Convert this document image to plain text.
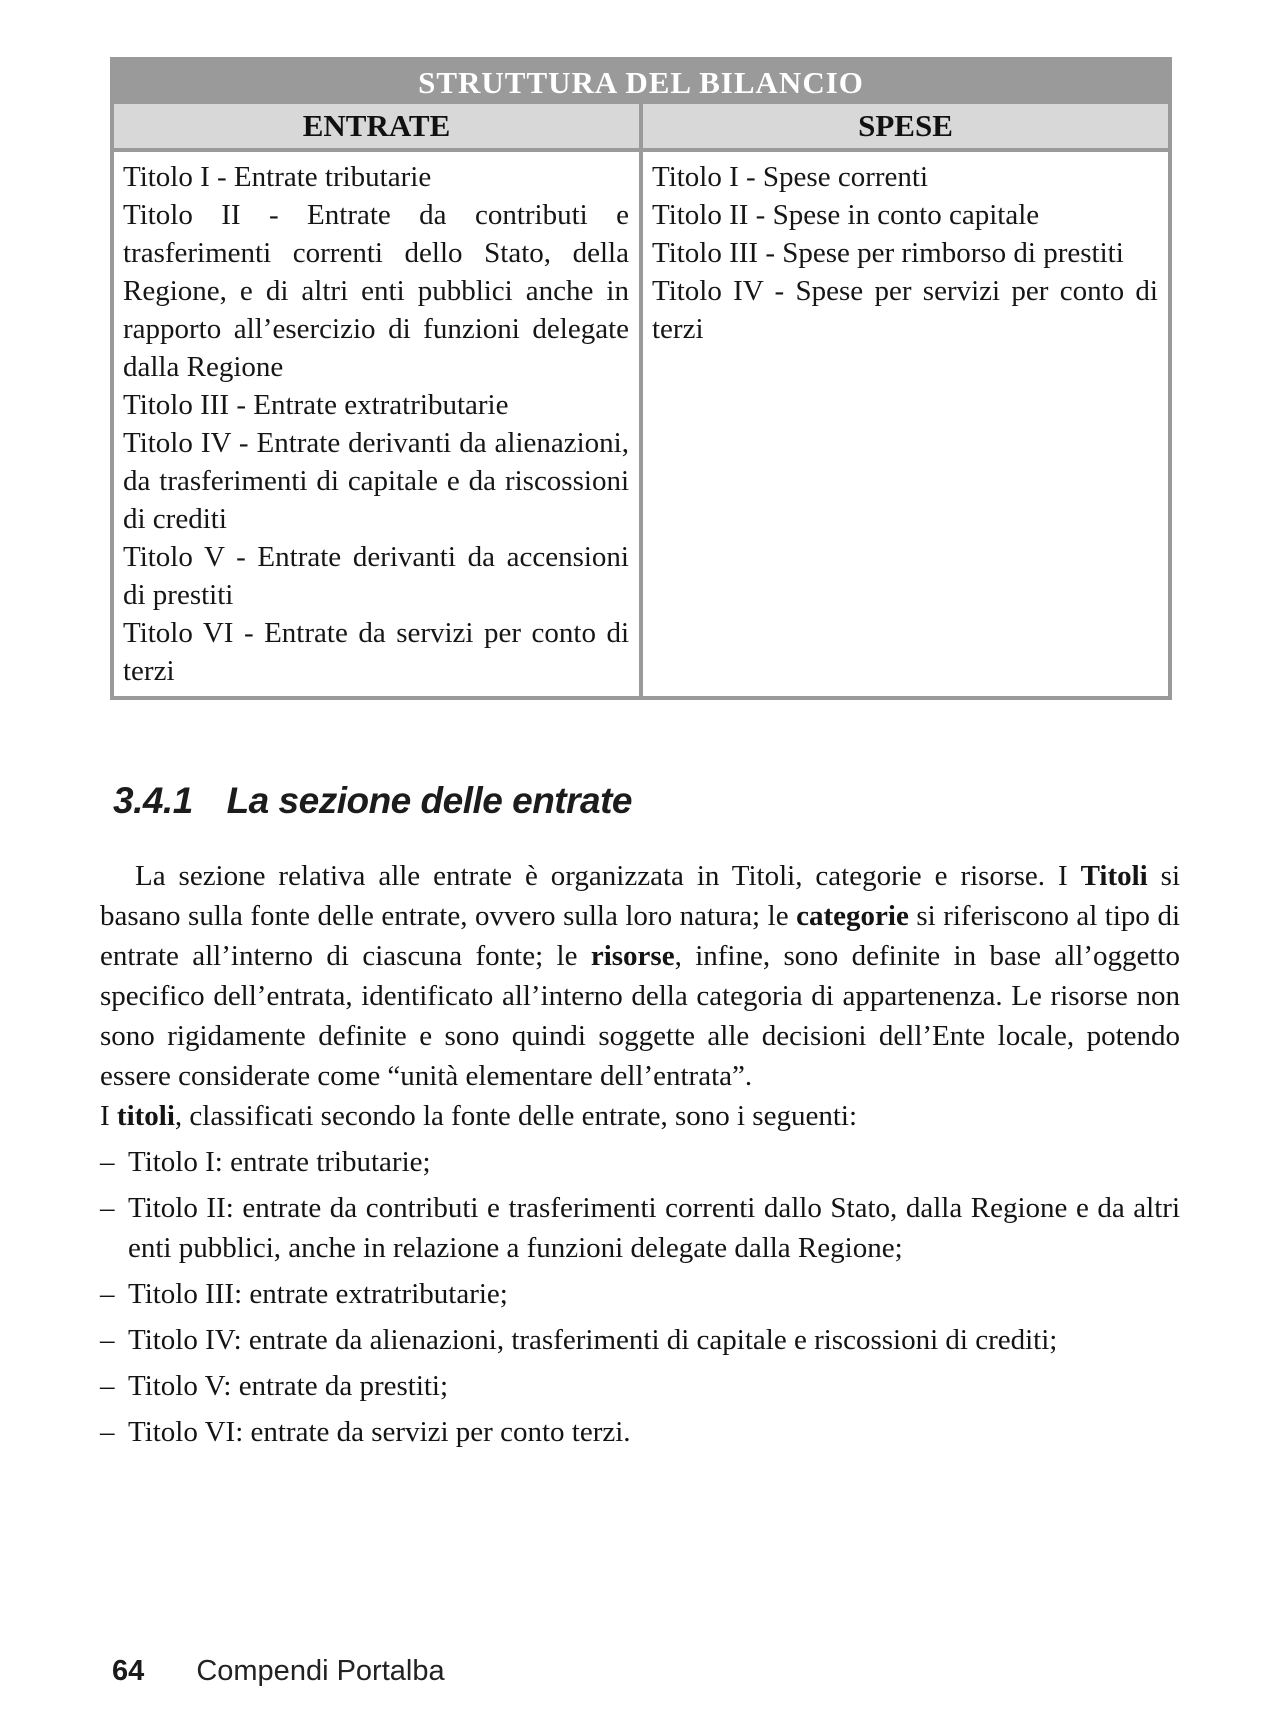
STRUTTURA DEL BILANCIO
ENTRATE	SPESE
Titolo I - Entrate tributarie
Titolo II - Entrate da contributi e trasferimenti correnti dello Stato, della Regione, e di altri enti pubblici anche in rapporto all’esercizio di funzioni delegate dalla Regione
Titolo III - Entrate extratributarie
Titolo IV - Entrate derivanti da alienazioni, da trasferimenti di capitale e da riscossioni di crediti
Titolo V - Entrate derivanti da accensioni di prestiti
Titolo VI - Entrate da servizi per conto di terzi
Titolo I - Spese correnti
Titolo II - Spese in conto capitale
Titolo III - Spese per rimborso di prestiti
Titolo IV - Spese per servizi per conto di terzi
3.4.1 La sezione delle entrate

La sezione relativa alle entrate è organizzata in Titoli, categorie e risorse. I Titoli si basano sulla fonte delle entrate, ovvero sulla loro natura; le categorie si riferiscono al tipo di entrate all’interno di ciascuna fonte; le risorse, infine, sono definite in base all’oggetto specifico dell’entrata, identificato all’interno della categoria di appartenenza. Le risorse non sono rigidamente definite e sono quindi soggette alle decisioni dell’Ente locale, potendo essere considerate come “unità elementare dell’entrata”.

I titoli, classificati secondo la fonte delle entrate, sono i seguenti:

– Titolo I: entrate tributarie;
– Titolo II: entrate da contributi e trasferimenti correnti dallo Stato, dalla Regione e da altri enti pubblici, anche in relazione a funzioni delegate dalla Regione;
– Titolo III: entrate extratributarie;
– Titolo IV: entrate da alienazioni, trasferimenti di capitale e riscossioni di crediti;
– Titolo V: entrate da prestiti;
– Titolo VI: entrate da servizi per conto terzi.
64 Compendi Portalba
